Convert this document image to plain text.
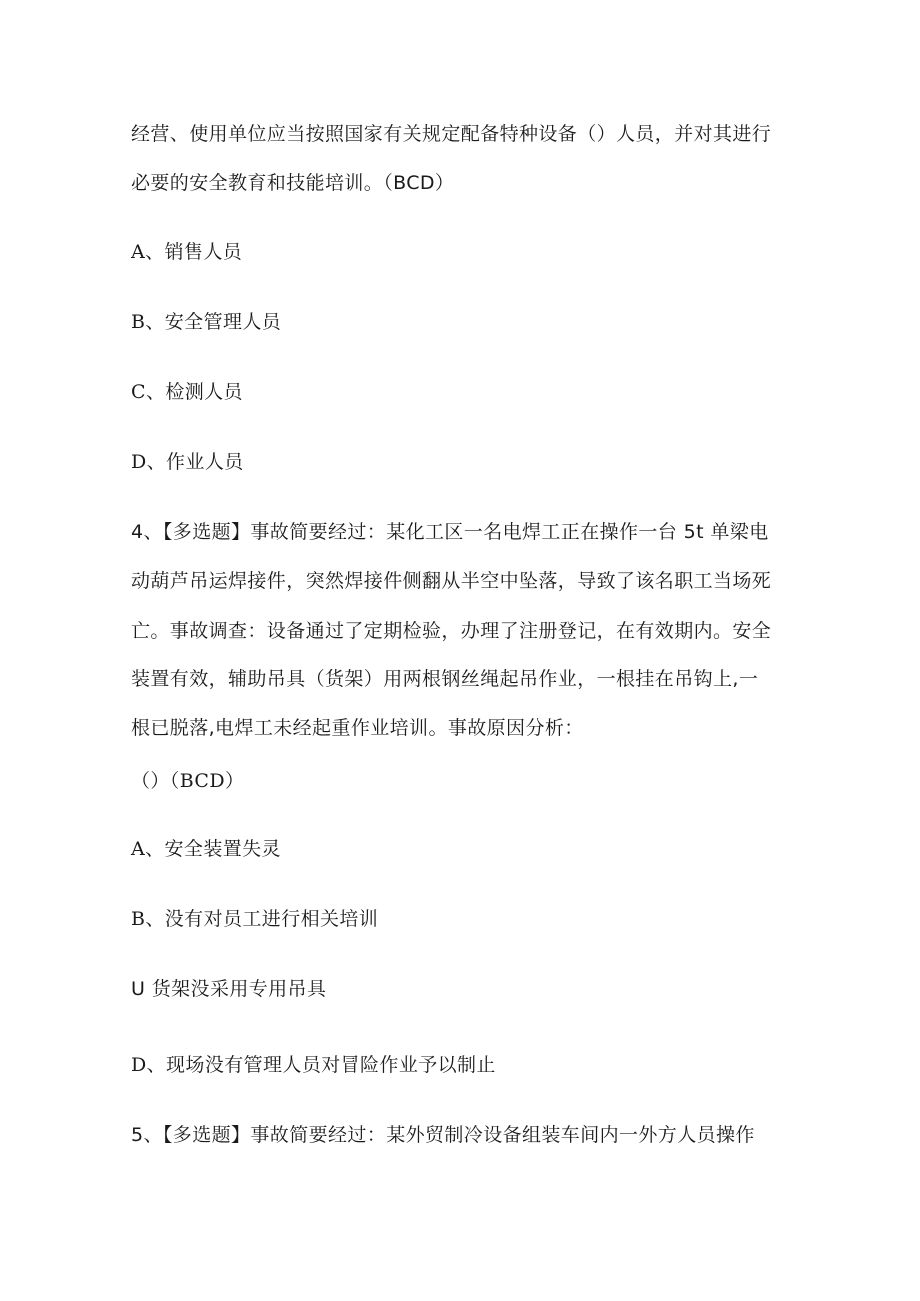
经营、使用单位应当按照国家有关规定配备特种设备（）人员，并对其进行
必要的安全教育和技能培训。（BCD）
A、销售人员
B、安全管理人员
C、检测人员
D、作业人员
4、【多选题】事故简要经过：某化工区一名电焊工正在操作一台 5t 单梁电
动葫芦吊运焊接件，突然焊接件侧翻从半空中坠落，导致了该名职工当场死
亡。事故调查：设备通过了定期检验，办理了注册登记，在有效期内。安全
装置有效，辅助吊具（货架）用两根钢丝绳起吊作业，一根挂在吊钩上,一
根已脱落,电焊工未经起重作业培训。事故原因分析：
（）（BCD）
A、安全装置失灵
B、没有对员工进行相关培训
U 货架没采用专用吊具
D、现场没有管理人员对冒险作业予以制止
5、【多选题】事故简要经过：某外贸制冷设备组装车间内一外方人员操作
